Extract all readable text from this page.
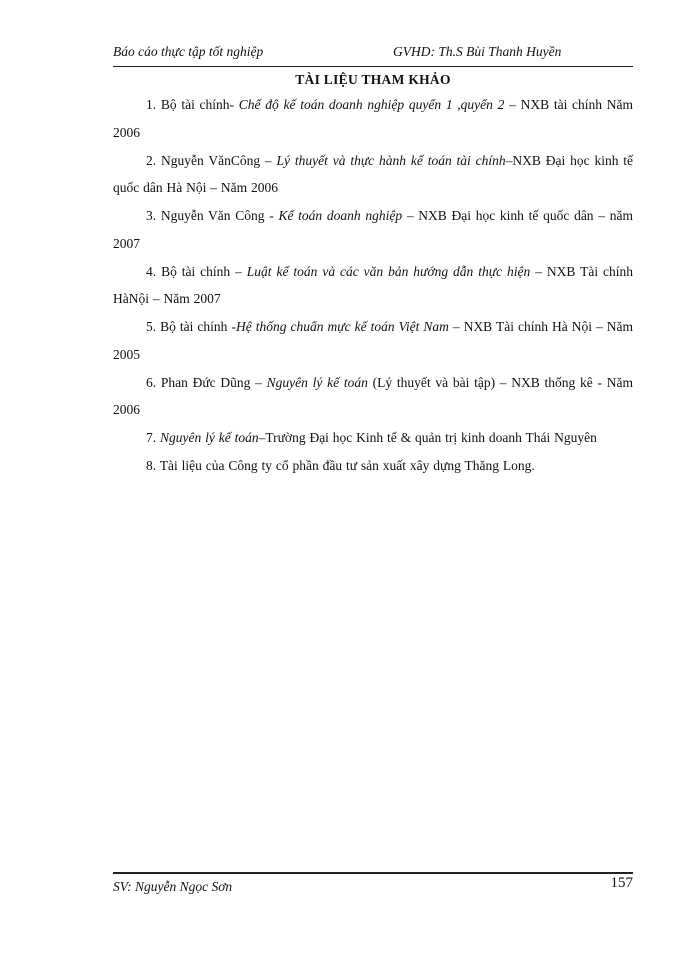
Báo cáo thực tập tốt nghiệp	GVHD: Th.S Bùi Thanh Huyền
TÀI LIỆU THAM KHẢO
1. Bộ tài chính- Chế độ kế toán doanh nghiệp quyển 1 ,quyển 2 – NXB tài chính Năm 2006
2. Nguyễn VănCông – Lý thuyết và thực hành kế toán tài chính–NXB Đại học kinh tế quốc dân Hà Nội – Năm 2006
3. Nguyễn Văn Công - Kế toán doanh nghiệp – NXB Đại học kinh tế quốc dân – năm 2007
4. Bộ tài chính – Luật kế toán và các văn bản hướng dẫn thực hiện – NXB Tài chính HàNội – Năm 2007
5. Bộ tài chính -Hệ thống chuẩn mực kế toán Việt Nam – NXB Tài chính Hà Nội – Năm 2005
6. Phan Đức Dũng – Nguyên lý kế toán (Lý thuyết và bài tập) – NXB thống kê - Năm 2006
7. Nguyên lý kế toán–Trường Đại học Kinh tế & quản trị kinh doanh Thái Nguyên
8. Tài liệu của Công ty cổ phần đầu tư sản xuất xây dựng Thăng Long.
SV: Nguyễn Ngọc Sơn	157
